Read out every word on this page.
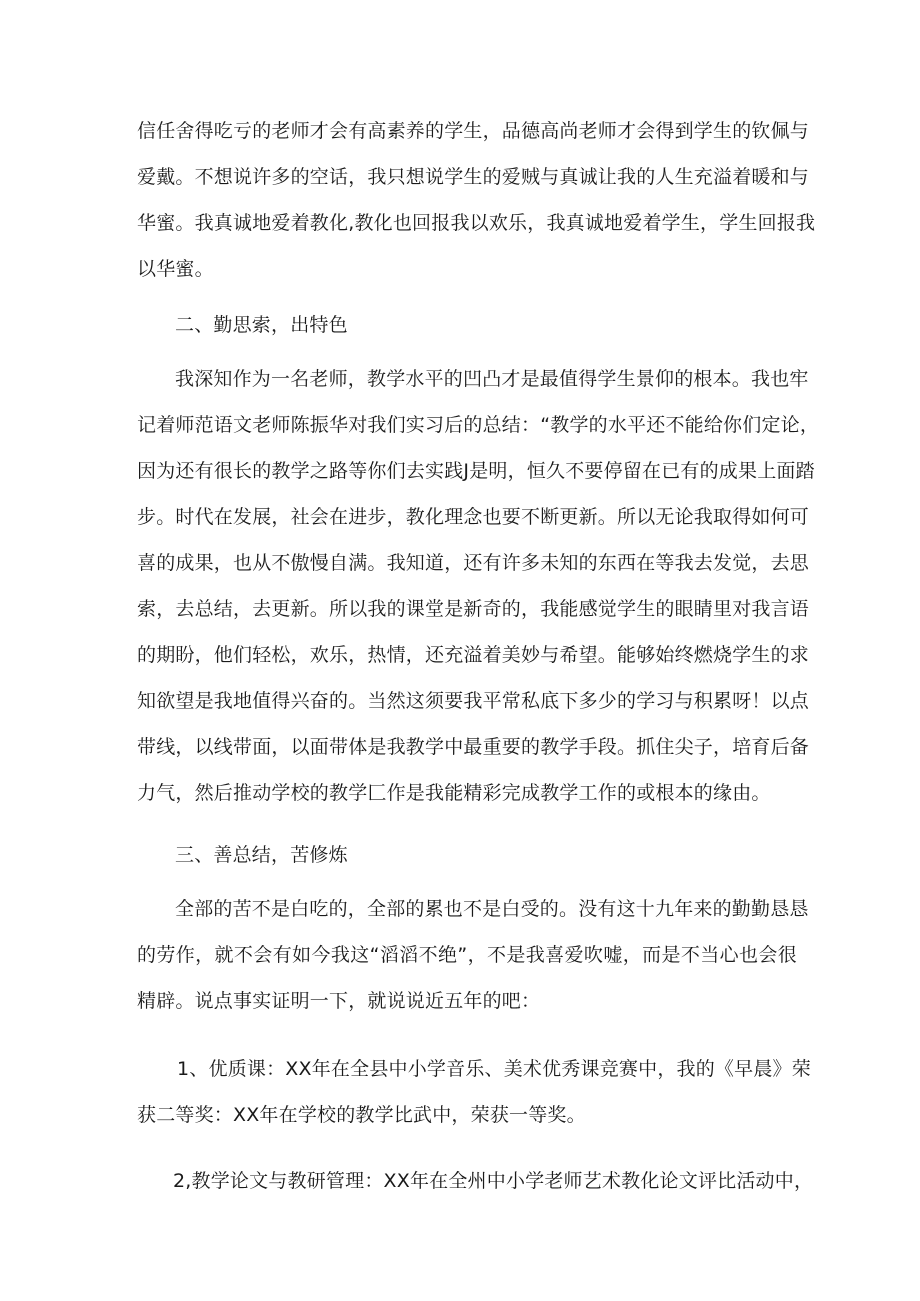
信任舍得吃亏的老师才会有高素养的学生，品德高尚老师才会得到学生的钦佩与
爱戴。不想说许多的空话，我只想说学生的爱贼与真诚让我的人生充溢着暖和与
华蜜。我真诚地爱着教化,教化也回报我以欢乐，我真诚地爱着学生，学生回报我
以华蜜。
二、勤思索，出特色
我深知作为一名老师，教学水平的凹凸才是最值得学生景仰的根本。我也牢
记着师范语文老师陈振华对我们实习后的总结：“教学的水平还不能给你们定论，
因为还有很长的教学之路等你们去实践J是明，恒久不要停留在已有的成果上面踏
步。时代在发展，社会在进步，教化理念也要不断更新。所以无论我取得如何可
喜的成果，也从不傲慢自满。我知道，还有许多未知的东西在等我去发觉，去思
索，去总结，去更新。所以我的课堂是新奇的，我能感觉学生的眼睛里对我言语
的期盼，他们轻松，欢乐，热情，还充溢着美妙与希望。能够始终燃烧学生的求
知欲望是我地值得兴奋的。当然这须要我平常私底下多少的学习与积累呀！以点
带线，以线带面，以面带体是我教学中最重要的教学手段。抓住尖子，培育后备
力气，然后推动学校的教学匚作是我能精彩完成教学工作的或根本的缘由。
三、善总结，苦修炼
全部的苦不是白吃的，全部的累也不是白受的。没有这十九年来的勤勤恳恳
的劳作，就不会有如今我这“滔滔不绝”，不是我喜爱吹嘘，而是不当心也会很
精辟。说点事实证明一下，就说说近五年的吧：
1、优质课：XX年在全县中小学音乐、美术优秀课竞赛中，我的《早晨》荣
获二等奖：XX年在学校的教学比武中，荣获一等奖。
2,教学论文与教研管理：XX年在全州中小学老师艺术教化论文评比活动中，
